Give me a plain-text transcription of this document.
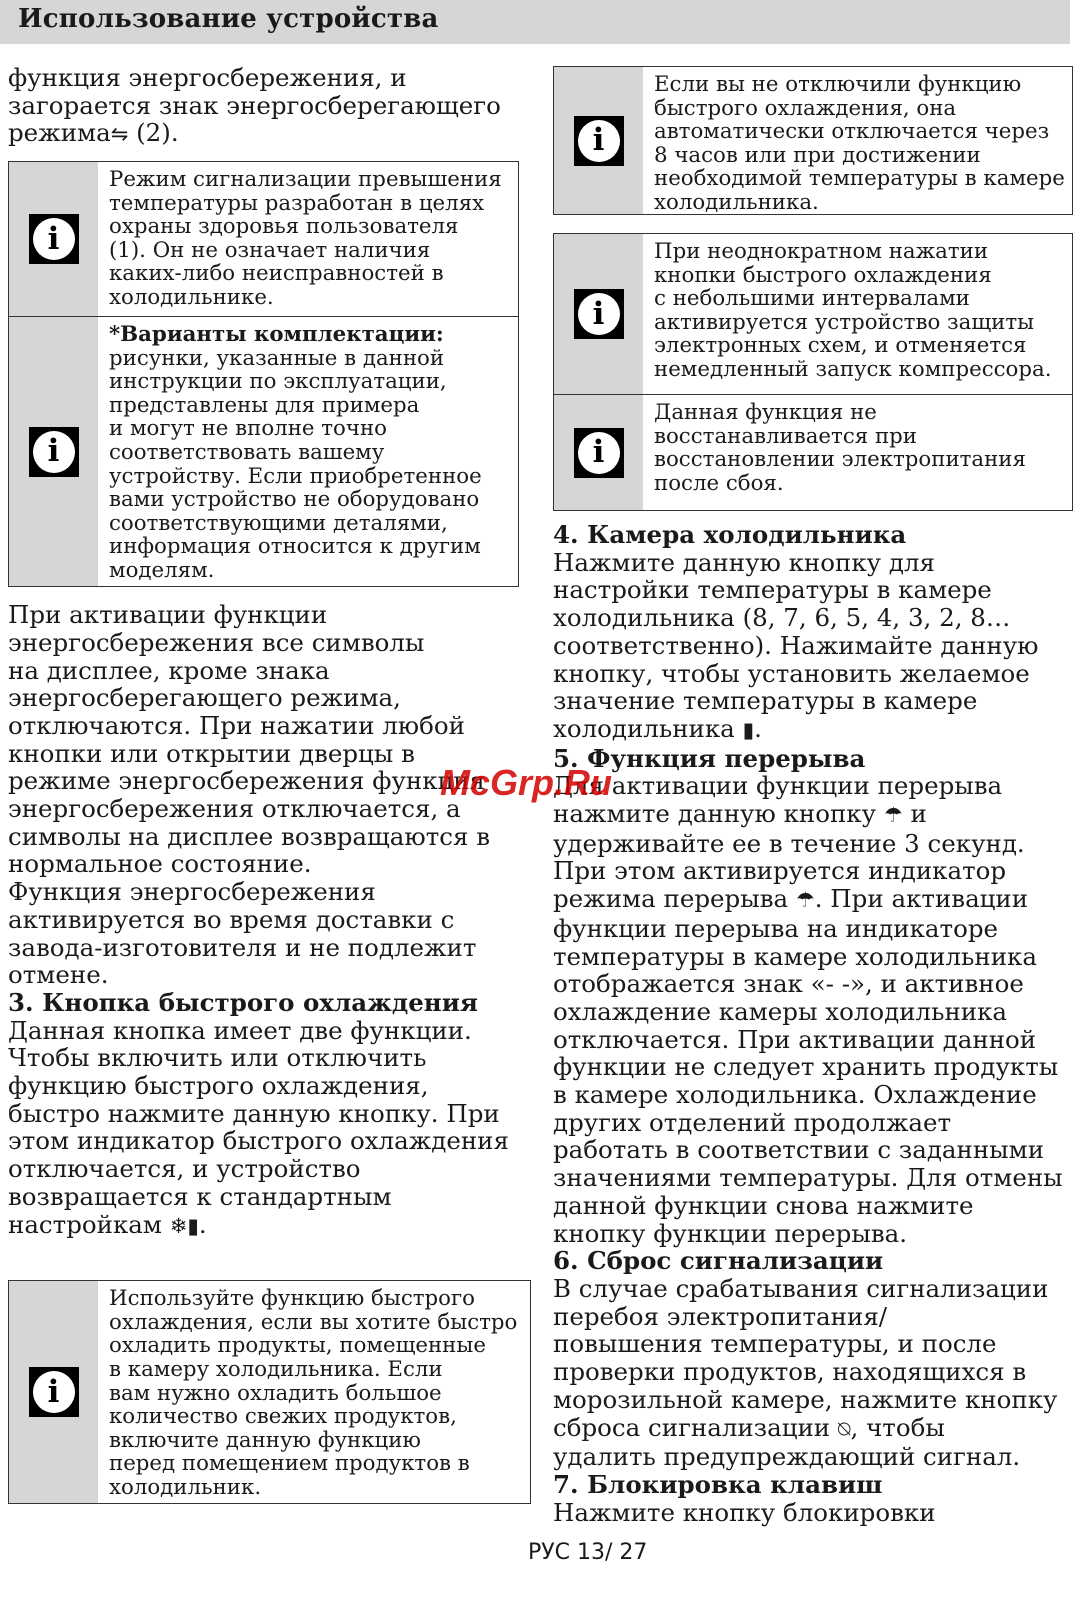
Использование устройства

функция энергосбережения, и
загорается знак энергосберегающего
режима⇋ (2).

i
Режим сигнализации превышения
температуры разработан в целях
охраны здоровья пользователя
(1). Он не означает наличия
каких-либо неисправностей в
холодильнике.
i
*Варианты комплектации:
рисунки, указанные в данной
инструкции по эксплуатации,
представлены для примера
и могут не вполне точно
соответствовать вашему
устройству. Если приобретенное
вами устройство не оборудовано
соответствующими деталями,
информация относится к другим
моделям.

При активации функции
энергосбережения все символы
на дисплее, кроме знака
энергосберегающего режима,
отключаются. При нажатии любой
кнопки или открытии дверцы в
режиме энергосбережения функция
энергосбережения отключается, а
символы на дисплее возвращаются в
нормальное состояние.
Функция энергосбережения
активируется во время доставки с
завода-изготовителя и не подлежит
отмене.

3. Кнопка быстрого охлаждения

Данная кнопка имеет две функции.
Чтобы включить или отключить
функцию быстрого охлаждения,
быстро нажмите данную кнопку. При
этом индикатор быстрого охлаждения
отключается, и устройство
возвращается к стандартным
настройкам ❄▮.

i
Используйте функцию быстрого
охлаждения, если вы хотите быстро
охладить продукты, помещенные
в камеру холодильника. Если
вам нужно охладить большое
количество свежих продуктов,
включите данную функцию
перед помещением продуктов в
холодильник.
i
Если вы не отключили функцию
быстрого охлаждения, она
автоматически отключается через
8 часов или при достижении
необходимой температуры в камере
холодильника.
i
При неоднократном нажатии
кнопки быстрого охлаждения
с небольшими интервалами
активируется устройство защиты
электронных схем, и отменяется
немедленный запуск компрессора.
i
Данная функция не
восстанавливается при
восстановлении электропитания
после сбоя.

4. Камера холодильника

Нажмите данную кнопку для
настройки температуры в камере
холодильника (8, 7, 6, 5, 4, 3, 2, 8…
соответственно). Нажимайте данную
кнопку, чтобы установить желаемое
значение температуры в камере
холодильника ▮.

5. Функция перерыва

Для активации функции перерыва
нажмите данную кнопку ☂ и
удерживайте ее в течение 3 секунд.
При этом активируется индикатор
режима перерыва ☂. При активации
функции перерыва на индикаторе
температуры в камере холодильника
отображается знак «- -», и активное
охлаждение камеры холодильника
отключается. При активации данной
функции не следует хранить продукты
в камере холодильника. Охлаждение
других отделений продолжает
работать в соответствии с заданными
значениями температуры. Для отмены
данной функции снова нажмите
кнопку функции перерыва.

6. Сброс сигнализации

В случае срабатывания сигнализации
перебоя электропитания/
повышения температуры, и после
проверки продуктов, находящихся в
морозильной камере, нажмите кнопку
сброса сигнализации ⍉, чтобы
удалить предупреждающий сигнал.

7. Блокировка клавиш

Нажмите кнопку блокировки

McGrp.Ru
РУС 13/ 27
